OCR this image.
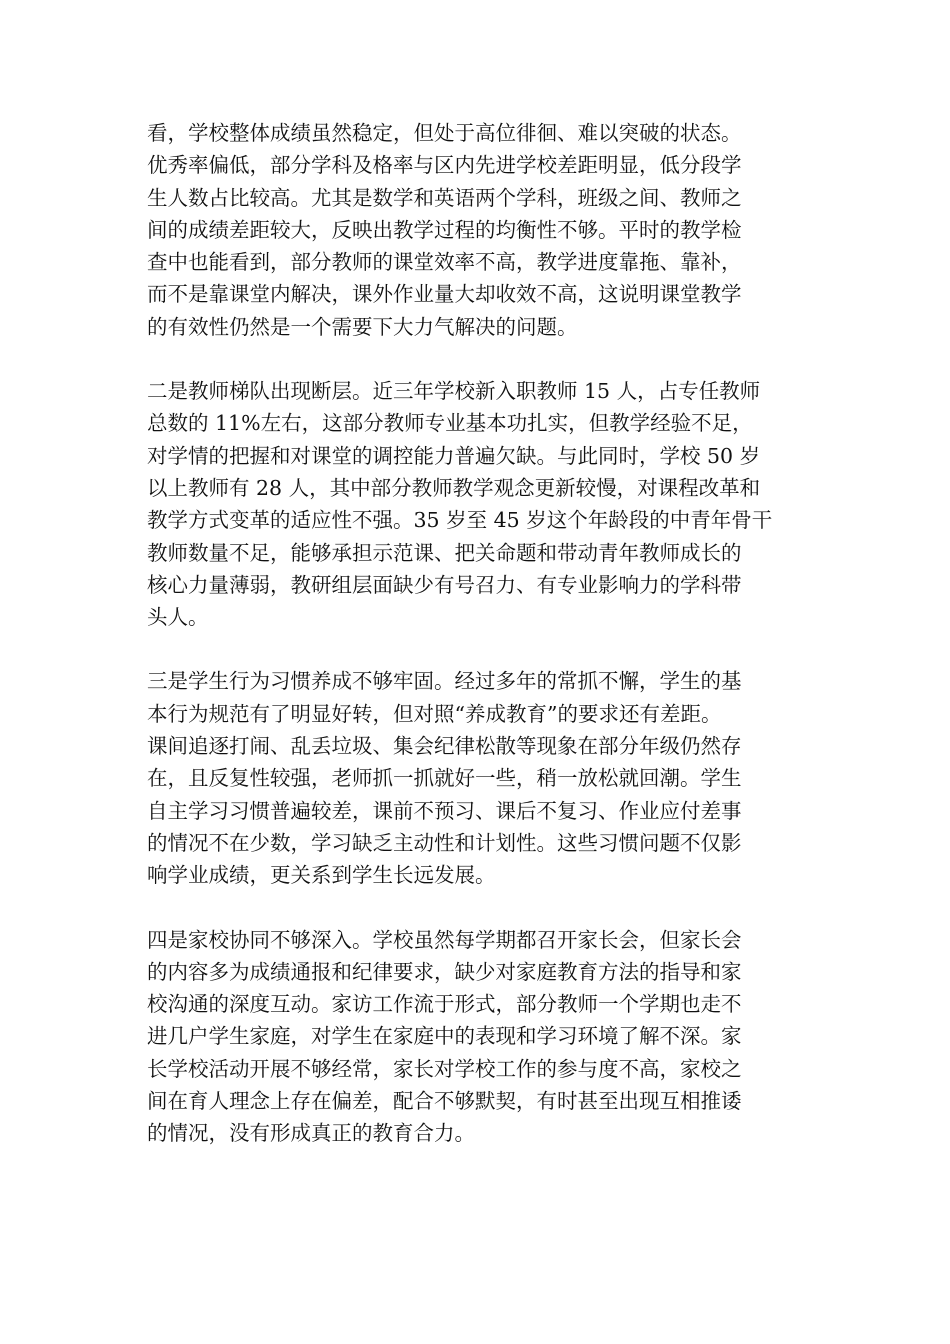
看，学校整体成绩虽然稳定，但处于高位徘徊、难以突破的状态。
优秀率偏低，部分学科及格率与区内先进学校差距明显，低分段学
生人数占比较高。尤其是数学和英语两个学科，班级之间、教师之
间的成绩差距较大，反映出教学过程的均衡性不够。平时的教学检
查中也能看到，部分教师的课堂效率不高，教学进度靠拖、靠补，
而不是靠课堂内解决，课外作业量大却收效不高，这说明课堂教学
的有效性仍然是一个需要下大力气解决的问题。

二是教师梯队出现断层。近三年学校新入职教师 15 人，占专任教师
总数的 11%左右，这部分教师专业基本功扎实，但教学经验不足，
对学情的把握和对课堂的调控能力普遍欠缺。与此同时，学校 50 岁
以上教师有 28 人，其中部分教师教学观念更新较慢，对课程改革和
教学方式变革的适应性不强。35 岁至 45 岁这个年龄段的中青年骨干
教师数量不足，能够承担示范课、把关命题和带动青年教师成长的
核心力量薄弱，教研组层面缺少有号召力、有专业影响力的学科带
头人。

三是学生行为习惯养成不够牢固。经过多年的常抓不懈，学生的基
本行为规范有了明显好转，但对照“养成教育”的要求还有差距。
课间追逐打闹、乱丢垃圾、集会纪律松散等现象在部分年级仍然存
在，且反复性较强，老师抓一抓就好一些，稍一放松就回潮。学生
自主学习习惯普遍较差，课前不预习、课后不复习、作业应付差事
的情况不在少数，学习缺乏主动性和计划性。这些习惯问题不仅影
响学业成绩，更关系到学生长远发展。

四是家校协同不够深入。学校虽然每学期都召开家长会，但家长会
的内容多为成绩通报和纪律要求，缺少对家庭教育方法的指导和家
校沟通的深度互动。家访工作流于形式，部分教师一个学期也走不
进几户学生家庭，对学生在家庭中的表现和学习环境了解不深。家
长学校活动开展不够经常，家长对学校工作的参与度不高，家校之
间在育人理念上存在偏差，配合不够默契，有时甚至出现互相推诿
的情况，没有形成真正的教育合力。
